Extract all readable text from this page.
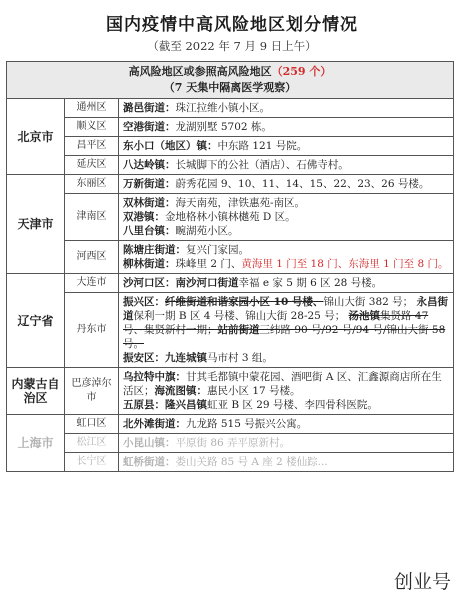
国内疫情中高风险地区划分情况
（截至 2022 年 7 月 9 日上午）
高风险地区或参照高风险地区（259 个）
（7 天集中隔离医学观察）		
北京市	通州区	潞邑街道：珠江拉维小镇小区。
	顺义区	空港街道：龙湖别墅 5702 栋。
	昌平区	东小口（地区）镇：中东路 121 号院。
	延庆区	八达岭镇：长城脚下的公社（酒店）、石佛寺村。
天津市	东丽区	万新街道：蔚秀花园 9、10、11、14、15、22、23、26 号楼。
	津南区	双林街道：海天南苑，津铁惠苑-南区。
双港镇：金地格林小镇林樾苑 D 区。
八里台镇：畹湖苑小区。
	河西区	陈塘庄街道：复兴门家园。
柳林街道：珠峰里 2 门、黄海里 1 门至 18 门、东海里 1 门至 8 门。
辽宁省	大连市	沙河口区：南沙河口街道幸福 e 家 5 期 6 区 28 号楼。
	丹东市	振兴区：纤维街道和谐家园小区 10 号楼、锦山大街 382 号； 永昌街道保利一期 B 区 4 号楼、锦山大街 28-25 号； 汤池镇集贤路 47 号、集贤新村一期；站前街道三纬路 90 号/92 号/94 号/锦山大街 58 号。
振安区：九连城镇马市村 3 组。
内蒙古自治区	巴彦淖尔市	乌拉特中旗：甘其毛都镇中蒙花园、酒吧街 A 区、汇鑫源商店所在生活区；海流图镇：惠民小区 17 号楼。
五原县：隆兴昌镇虹亚 B 区 29 号楼、李四骨科医院。
上海市	虹口区	北外滩街道：九龙路 515 号振兴公寓。
	松江区	小昆山镇：平原街 86 弄平原新村。
	长宁区	虹桥街道：娄山关路 85 号 A 座 2 楼仙踪...
创业号
